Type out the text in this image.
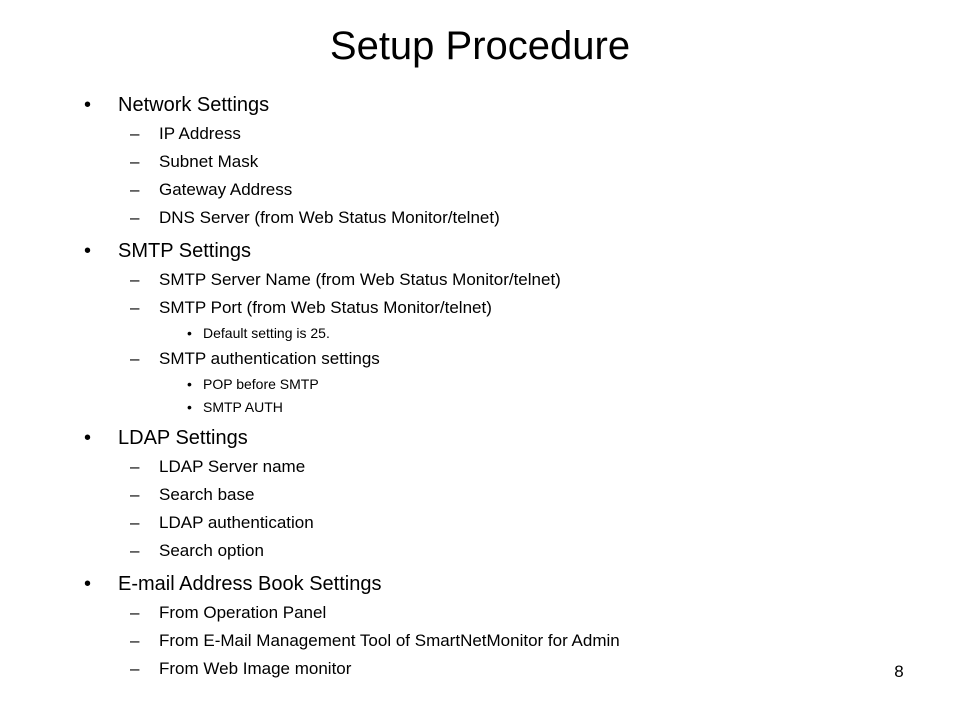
Setup Procedure
• Network Settings
– IP Address
– Subnet Mask
– Gateway Address
– DNS Server (from Web Status Monitor/telnet)
• SMTP Settings
– SMTP Server Name (from Web Status Monitor/telnet)
– SMTP Port (from Web Status Monitor/telnet)
• Default setting is 25.
– SMTP authentication settings
• POP before SMTP
• SMTP AUTH
• LDAP Settings
– LDAP Server name
– Search base
– LDAP authentication
– Search option
• E-mail Address Book Settings
– From Operation Panel
– From E-Mail Management Tool of SmartNetMonitor for Admin
– From Web Image monitor	8
